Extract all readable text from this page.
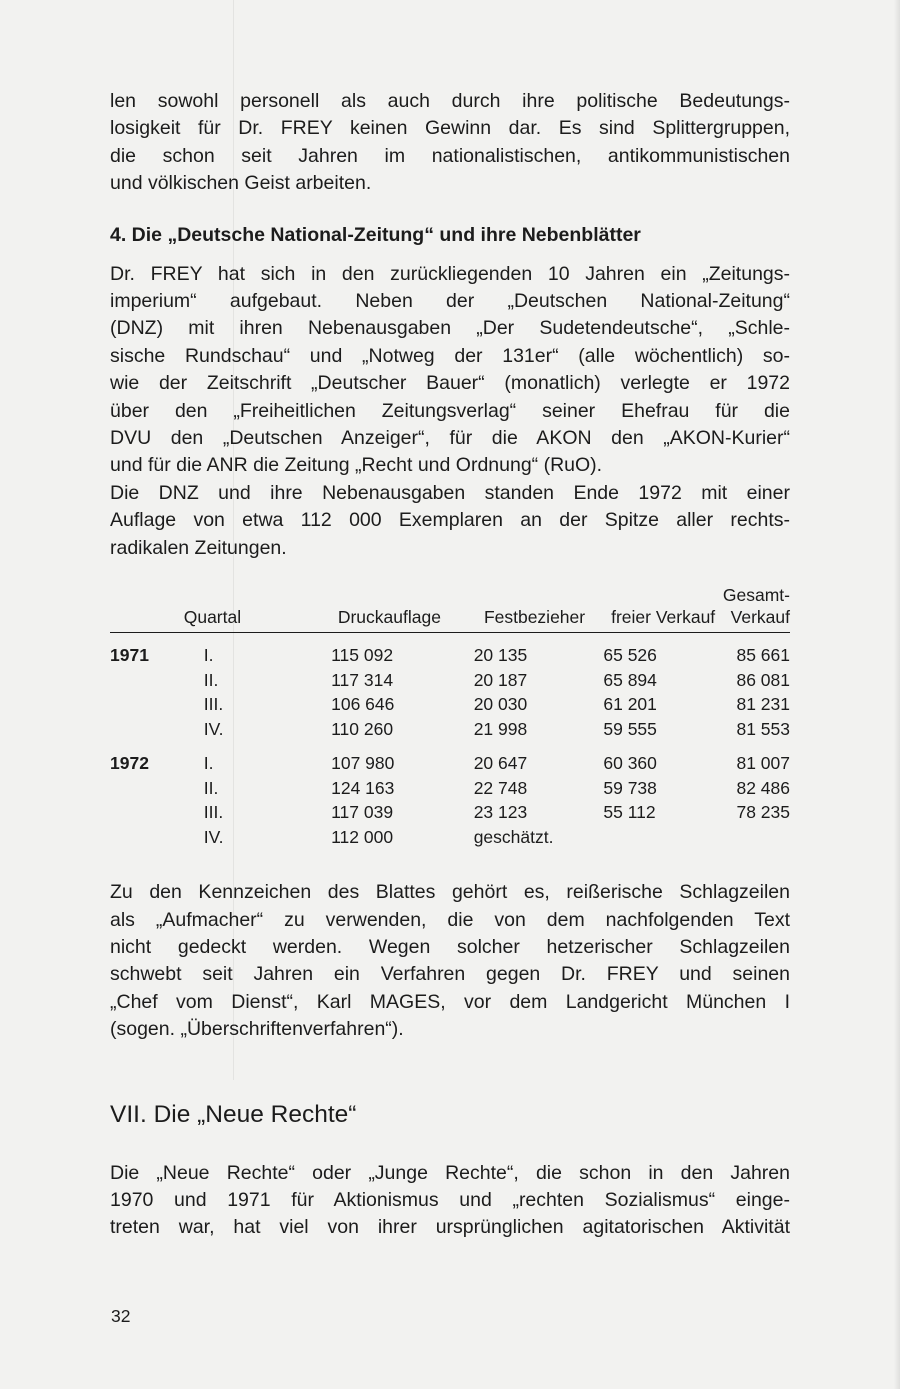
len sowohl personell als auch durch ihre politische Bedeutungs-
losigkeit für Dr. FREY keinen Gewinn dar. Es sind Splittergruppen,
die schon seit Jahren im nationalistischen, antikommunistischen
und völkischen Geist arbeiten.

4. Die „Deutsche National-Zeitung“ und ihre Nebenblätter

Dr. FREY hat sich in den zurückliegenden 10 Jahren ein „Zeitungs-
imperium“ aufgebaut. Neben der „Deutschen National-Zeitung“
(DNZ) mit ihren Nebenausgaben „Der Sudetendeutsche“, „Schle-
sische Rundschau“ und „Notweg der 131er“ (alle wöchentlich) so-
wie der Zeitschrift „Deutscher Bauer“ (monatlich) verlegte er 1972
über den „Freiheitlichen Zeitungsverlag“ seiner Ehefrau für die
DVU den „Deutschen Anzeiger“, für die AKON den „AKON-Kurier“
und für die ANR die Zeitung „Recht und Ordnung“ (RuO).

Die DNZ und ihre Nebenausgaben standen Ende 1972 mit einer
Auflage von etwa 112 000 Exemplaren an der Spitze aller rechts-
radikalen Zeitungen.

	Quartal	Druckauflage	Festbezieher	freier Verkauf	Gesamt-
Verkauf
1971	I.	115 092	20 135	65 526	85 661
	II.	117 314	20 187	65 894	86 081
	III.	106 646	20 030	61 201	81 231
	IV.	110 260	21 998	59 555	81 553
1972	I.	107 980	20 647	60 360	81 007
	II.	124 163	22 748	59 738	82 486
	III.	117 039	23 123	55 112	78 235
	IV.	112 000	geschätzt.		

Zu den Kennzeichen des Blattes gehört es, reißerische Schlagzeilen
als „Aufmacher“ zu verwenden, die von dem nachfolgenden Text
nicht gedeckt werden. Wegen solcher hetzerischer Schlagzeilen
schwebt seit Jahren ein Verfahren gegen Dr. FREY und seinen
„Chef vom Dienst“, Karl MAGES, vor dem Landgericht München I
(sogen. „Überschriftenverfahren“).

VII. Die „Neue Rechte“

Die „Neue Rechte“ oder „Junge Rechte“, die schon in den Jahren
1970 und 1971 für Aktionismus und „rechten Sozialismus“ einge-
treten war, hat viel von ihrer ursprünglichen agitatorischen Aktivität

32
